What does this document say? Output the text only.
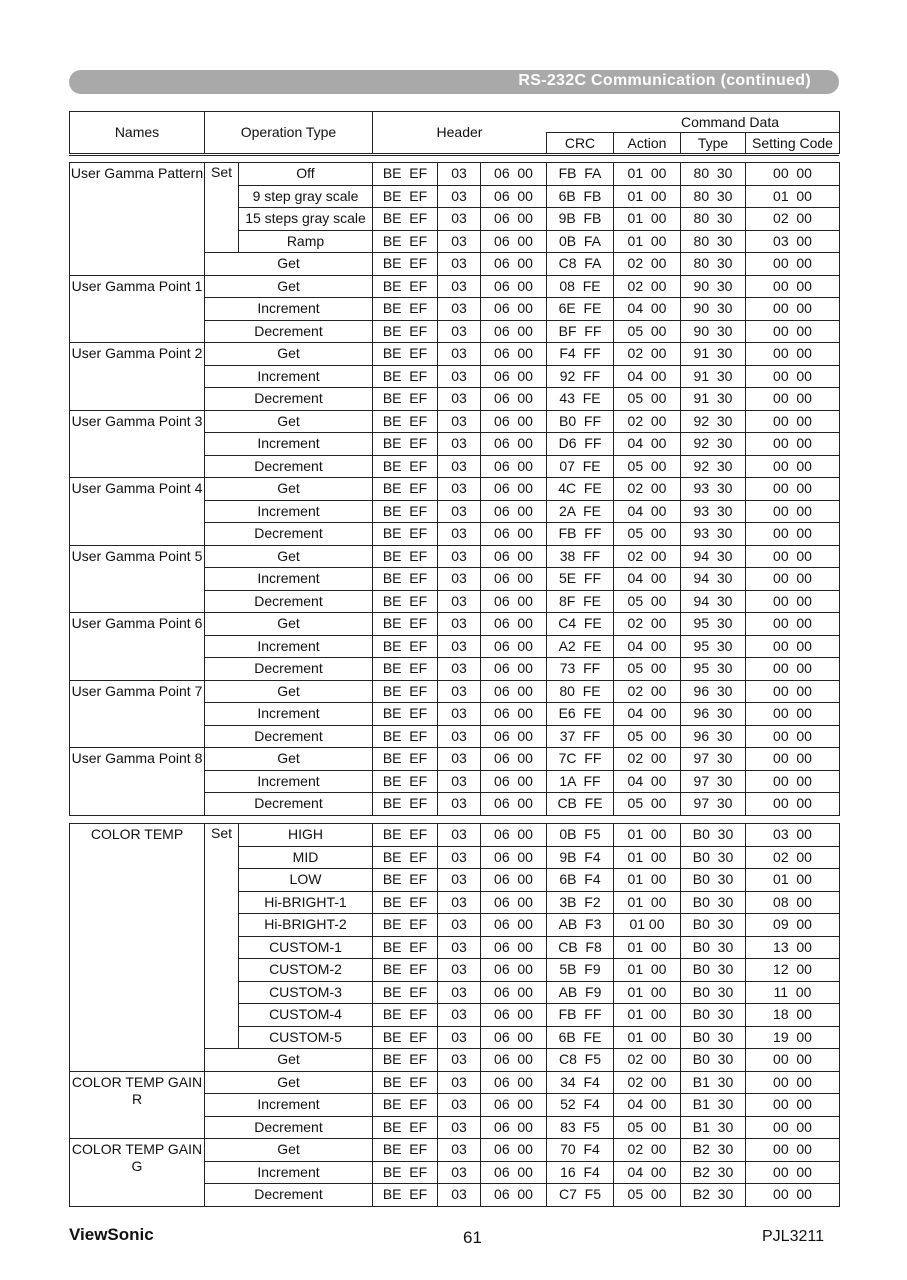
RS-232C Communication (continued)
Names	Operation Type	Header	Command Data			
			CRC	Action	Type	Setting Code
User Gamma Pattern	Set	Off	BE  EF	03	06  00	FB  FA	01  00	80  30	00  00
		9 step gray scale	BE  EF	03	06  00	6B  FB	01  00	80  30	01  00
		15 steps gray scale	BE  EF	03	06  00	9B  FB	01  00	80  30	02  00
		Ramp	BE  EF	03	06  00	0B  FA	01  00	80  30	03  00
	Get		BE  EF	03	06  00	C8  FA	02  00	80  30	00  00
User Gamma Point 1	Get		BE  EF	03	06  00	08  FE	02  00	90  30	00  00
	Increment		BE  EF	03	06  00	6E  FE	04  00	90  30	00  00
	Decrement		BE  EF	03	06  00	BF  FF	05  00	90  30	00  00
User Gamma Point 2	Get		BE  EF	03	06  00	F4  FF	02  00	91  30	00  00
	Increment		BE  EF	03	06  00	92  FF	04  00	91  30	00  00
	Decrement		BE  EF	03	06  00	43  FE	05  00	91  30	00  00
User Gamma Point 3	Get		BE  EF	03	06  00	B0  FF	02  00	92  30	00  00
	Increment		BE  EF	03	06  00	D6  FF	04  00	92  30	00  00
	Decrement		BE  EF	03	06  00	07  FE	05  00	92  30	00  00
User Gamma Point 4	Get		BE  EF	03	06  00	4C  FE	02  00	93  30	00  00
	Increment		BE  EF	03	06  00	2A  FE	04  00	93  30	00  00
	Decrement		BE  EF	03	06  00	FB  FF	05  00	93  30	00  00
User Gamma Point 5	Get		BE  EF	03	06  00	38  FF	02  00	94  30	00  00
	Increment		BE  EF	03	06  00	5E  FF	04  00	94  30	00  00
	Decrement		BE  EF	03	06  00	8F  FE	05  00	94  30	00  00
User Gamma Point 6	Get		BE  EF	03	06  00	C4  FE	02  00	95  30	00  00
	Increment		BE  EF	03	06  00	A2  FE	04  00	95  30	00  00
	Decrement		BE  EF	03	06  00	73  FF	05  00	95  30	00  00
User Gamma Point 7	Get		BE  EF	03	06  00	80  FE	02  00	96  30	00  00
	Increment		BE  EF	03	06  00	E6  FE	04  00	96  30	00  00
	Decrement		BE  EF	03	06  00	37  FF	05  00	96  30	00  00
User Gamma Point 8	Get		BE  EF	03	06  00	7C  FF	02  00	97  30	00  00
	Increment		BE  EF	03	06  00	1A  FF	04  00	97  30	00  00
	Decrement		BE  EF	03	06  00	CB  FE	05  00	97  30	00  00
COLOR TEMP	Set	HIGH	BE  EF	03	06  00	0B  F5	01  00	B0  30	03  00
		MID	BE  EF	03	06  00	9B  F4	01  00	B0  30	02  00
		LOW	BE  EF	03	06  00	6B  F4	01  00	B0  30	01  00
		Hi-BRIGHT-1	BE  EF	03	06  00	3B  F2	01  00	B0  30	08  00
		Hi-BRIGHT-2	BE  EF	03	06  00	AB  F3	01 00	B0  30	09  00
		CUSTOM-1	BE  EF	03	06  00	CB  F8	01  00	B0  30	13  00
		CUSTOM-2	BE  EF	03	06  00	5B  F9	01  00	B0  30	12  00
		CUSTOM-3	BE  EF	03	06  00	AB  F9	01  00	B0  30	11  00
		CUSTOM-4	BE  EF	03	06  00	FB  FF	01  00	B0  30	18  00
		CUSTOM-5	BE  EF	03	06  00	6B  FE	01  00	B0  30	19  00
	Get		BE  EF	03	06  00	C8  F5	02  00	B0  30	00  00
COLOR TEMP GAIN R	Get		BE  EF	03	06  00	34  F4	02  00	B1  30	00  00
	Increment		BE  EF	03	06  00	52  F4	04  00	B1  30	00  00
	Decrement		BE  EF	03	06  00	83  F5	05  00	B1  30	00  00
COLOR TEMP GAIN G	Get		BE  EF	03	06  00	70  F4	02  00	B2  30	00  00
	Increment		BE  EF	03	06  00	16  F4	04  00	B2  30	00  00
	Decrement		BE  EF	03	06  00	C7  F5	05  00	B2  30	00  00
ViewSonic	61	PJL3211
